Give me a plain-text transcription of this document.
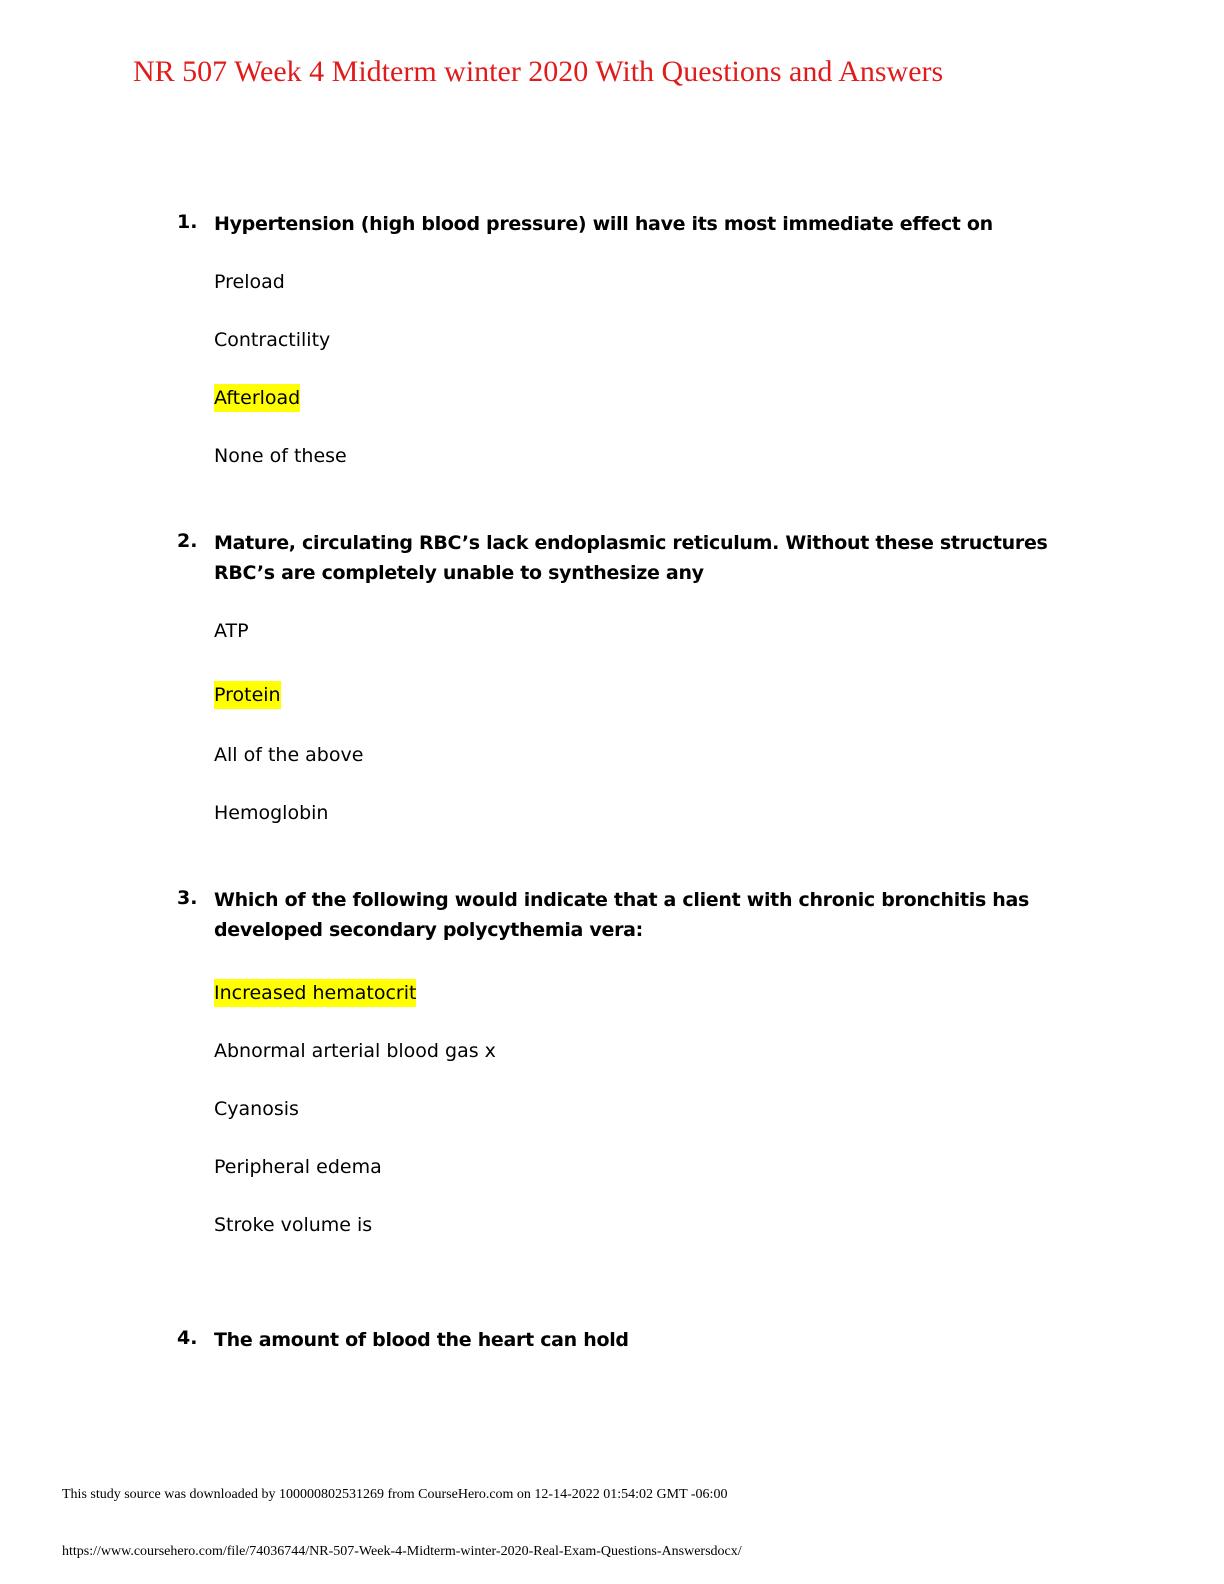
NR 507 Week 4 Midterm winter 2020 With Questions and Answers
1. Hypertension (high blood pressure) will have its most immediate effect on
Preload
Contractility
Afterload
None of these
2. Mature, circulating RBC’s lack endoplasmic reticulum. Without these structures RBC’s are completely unable to synthesize any
ATP
Protein
All of the above
Hemoglobin
3. Which of the following would indicate that a client with chronic bronchitis has developed secondary polycythemia vera:
Increased hematocrit
Abnormal arterial blood gas x
Cyanosis
Peripheral edema
Stroke volume is
4. The amount of blood the heart can hold
This study source was downloaded by 100000802531269 from CourseHero.com on 12-14-2022 01:54:02 GMT -06:00
https://www.coursehero.com/file/74036744/NR-507-Week-4-Midterm-winter-2020-Real-Exam-Questions-Answersdocx/
